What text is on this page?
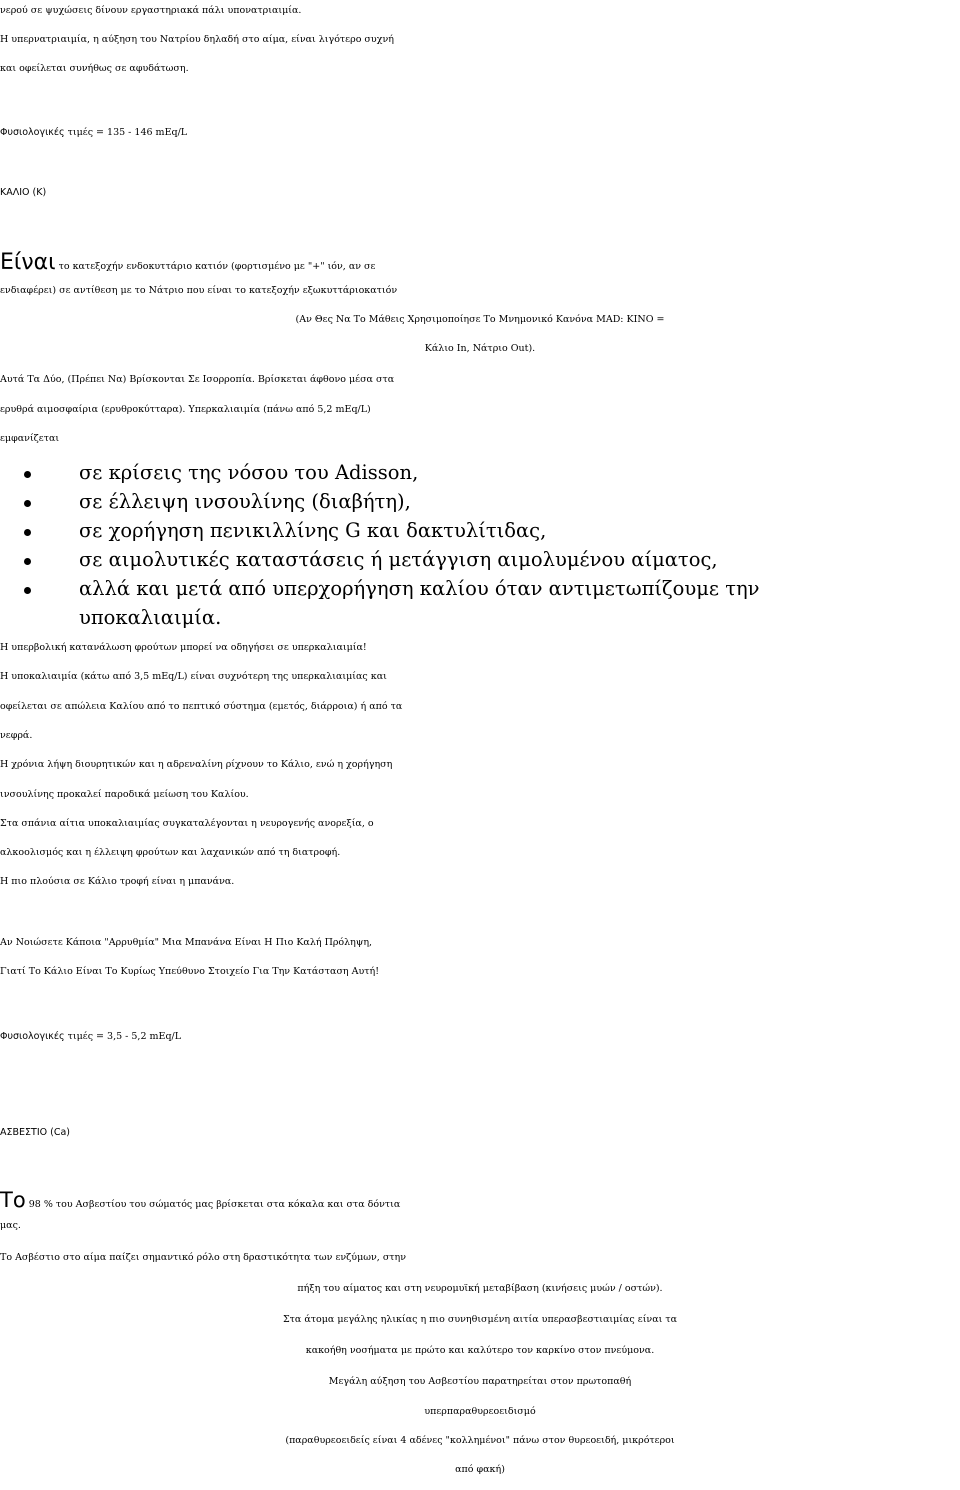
νερού σε ψυχώσεις δίνουν εργαστηριακά πάλι υπονατριαιμία.
Η υπερνατριαιμία, η αύξηση του Νατρίου δηλαδή στο αίμα, είναι λιγότερο συχνή
και οφείλεται συνήθως σε αφυδάτωση.
Φυσιολογικές τιμές = 135 - 146 mEq/L
ΚΑΛΙΟ (Κ)
Είναι το κατεξοχήν ενδοκυττάριο κατιόν (φορτισμένο με "+" ιόν, αν σε
ενδιαφέρει) σε αντίθεση με το Νάτριο που είναι το κατεξοχήν εξωκυττάριοκατιόν
(Αν Θες Να Το Μάθεις Χρησιμοποίησε Το Μνημονικό Κανόνα MAD: ΚΙΝΟ =
Κάλιο In, Νάτριο Out).
Αυτά Τα Δύο, (Πρέπει Να) Βρίσκονται Σε Ισορροπία. Βρίσκεται άφθονο μέσα στα
ερυθρά αιμοσφαίρια (ερυθροκύτταρα). Υπερκαλιαιμία (πάνω από 5,2 mEq/L)
εμφανίζεται
σε κρίσεις της νόσου του Adisson,
σε έλλειψη ινσουλίνης (διαβήτη),
σε χορήγηση πενικιλλίνης G και δακτυλίτιδας,
σε αιμολυτικές καταστάσεις ή μετάγγιση αιμολυμένου αίματος,
αλλά και μετά από υπερχορήγηση καλίου όταν αντιμετωπίζουμε την
υποκαλιαιμία.
Η υπερβολική κατανάλωση φρούτων μπορεί να οδηγήσει σε υπερκαλιαιμία!
Η υποκαλιαιμία (κάτω από 3,5 mEq/L) είναι συχνότερη της υπερκαλιαιμίας και
οφείλεται σε απώλεια Καλίου από το πεπτικό σύστημα (εμετός, διάρροια) ή από τα
νεφρά.
Η χρόνια λήψη διουρητικών και η αδρεναλίνη ρίχνουν το Κάλιο, ενώ η χορήγηση
ινσουλίνης προκαλεί παροδικά μείωση του Καλίου.
Στα σπάνια αίτια υποκαλιαιμίας συγκαταλέγονται η νευρογενής ανορεξία, ο
αλκοολισμός και η έλλειψη φρούτων και λαχανικών από τη διατροφή.
Η πιο πλούσια σε Κάλιο τροφή είναι η μπανάνα.
Αν Νοιώσετε Κάποια "Αρρυθμία" Μια Μπανάνα Είναι Η Πιο Καλή Πρόληψη,
Γιατί Το Κάλιο Είναι Το Κυρίως Υπεύθυνο Στοιχείο Για Την Κατάσταση Αυτή!
Φυσιολογικές τιμές = 3,5 - 5,2 mEq/L
ΑΣΒΕΣΤΙΟ (Ca)
Το 98 % του Ασβεστίου του σώματός μας βρίσκεται στα κόκαλα και στα δόντια
μας.
Το Ασβέστιο στο αίμα παίζει σημαντικό ρόλο στη δραστικότητα των ενζύμων, στην
πήξη του αίματος και στη νευρομυϊκή μεταβίβαση (κινήσεις μυών / οστών).
Στα άτομα μεγάλης ηλικίας η πιο συνηθισμένη αιτία υπερασβεστιαιμίας είναι τα
κακοήθη νοσήματα με πρώτο και καλύτερο τον καρκίνο στον πνεύμονα.
Μεγάλη αύξηση του Ασβεστίου παρατηρείται στον πρωτοπαθή
υπερπαραθυρεοειδισμό
(παραθυρεοειδείς είναι 4 αδένες "κολλημένοι" πάνω στον θυρεοειδή, μικρότεροι
από φακή)
